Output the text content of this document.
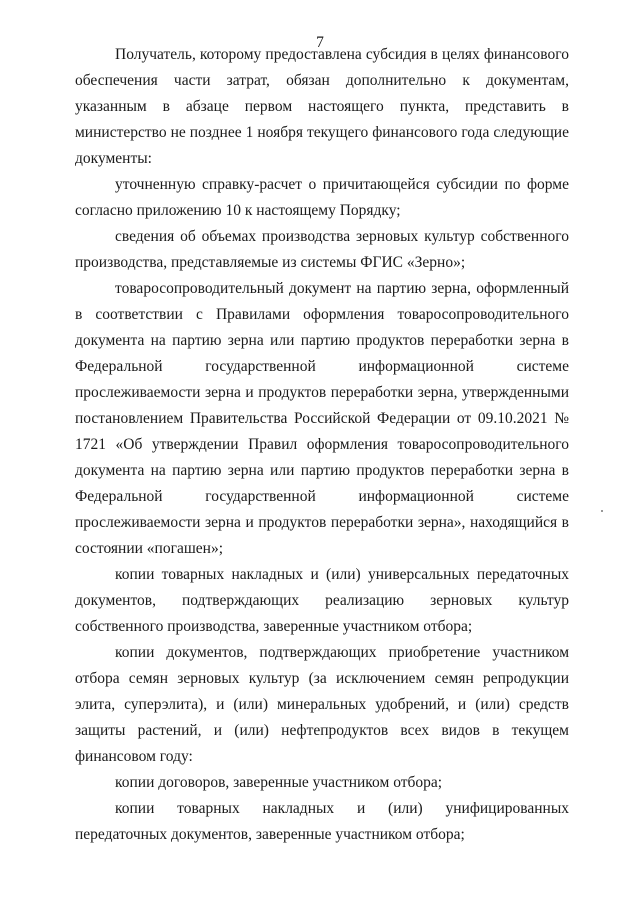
7

Получатель, которому предоставлена субсидия в целях финансового обеспечения части затрат, обязан дополнительно к документам, указанным в абзаце первом настоящего пункта, представить в министерство не позднее 1 ноября текущего финансового года следующие документы:

уточненную справку-расчет о причитающейся субсидии по форме согласно приложению 10 к настоящему Порядку;

сведения об объемах производства зерновых культур собственного производства, представляемые из системы ФГИС «Зерно»;

товаросопроводительный документ на партию зерна, оформленный в соответствии с Правилами оформления товаросопроводительного документа на партию зерна или партию продуктов переработки зерна в Федеральной государственной информационной системе прослеживаемости зерна и продуктов переработки зерна, утвержденными постановлением Правительства Российской Федерации от 09.10.2021 № 1721 «Об утверждении Правил оформления товаросопроводительного документа на партию зерна или партию продуктов переработки зерна в Федеральной государственной информационной системе прослеживаемости зерна и продуктов переработки зерна», находящийся в состоянии «погашен»;

копии товарных накладных и (или) универсальных передаточных документов, подтверждающих реализацию зерновых культур собственного производства, заверенные участником отбора;

копии документов, подтверждающих приобретение участником отбора семян зерновых культур (за исключением семян репродукции элита, суперэлита), и (или) минеральных удобрений, и (или) средств защиты растений, и (или) нефтепродуктов всех видов в текущем финансовом году:

копии договоров, заверенные участником отбора;

копии товарных накладных и (или) унифицированных передаточных документов, заверенные участником отбора;
